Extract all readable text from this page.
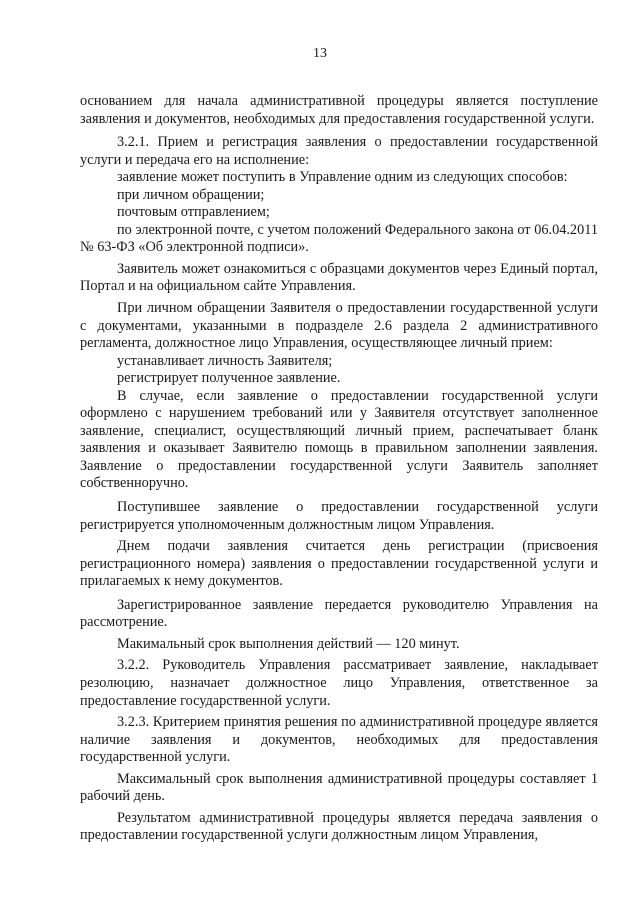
13

основанием для начала административной процедуры является поступление заявления и документов, необходимых для предоставления государственной услуги.

3.2.1. Прием и регистрация заявления о предоставлении государственной услуги и передача его на исполнение:

заявление может поступить в Управление одним из следующих способов:

при личном обращении;

почтовым отправлением;

по электронной почте, с учетом положений Федерального закона от 06.04.2011 № 63-ФЗ «Об электронной подписи».

Заявитель может ознакомиться с образцами документов через Единый портал, Портал и на официальном сайте Управления.

При личном обращении Заявителя о предоставлении государственной услуги с документами, указанными в подразделе 2.6 раздела 2 административного регламента, должностное лицо Управления, осуществляющее личный прием:

устанавливает личность Заявителя;

регистрирует полученное заявление.

В случае, если заявление о предоставлении государственной услуги оформлено с нарушением требований или у Заявителя отсутствует заполненное заявление, специалист, осуществляющий личный прием, распечатывает бланк заявления и оказывает Заявителю помощь в правильном заполнении заявления. Заявление о предоставлении государственной услуги Заявитель заполняет собственноручно.

Поступившее заявление о предоставлении государственной услуги регистрируется уполномоченным должностным лицом Управления.

Днем подачи заявления считается день регистрации (присвоения регистрационного номера) заявления о предоставлении государственной услуги и прилагаемых к нему документов.

Зарегистрированное заявление передается руководителю Управления на рассмотрение.

Макимальный срок выполнения действий — 120 минут.

3.2.2. Руководитель Управления рассматривает заявление, накладывает резолюцию, назначает должностное лицо Управления, ответственное за предоставление государственной услуги.

3.2.3. Критерием принятия решения по административной процедуре является наличие заявления и документов, необходимых для предоставления государственной услуги.

Максимальный срок выполнения административной процедуры составляет 1 рабочий день.

Результатом административной процедуры является передача заявления о предоставлении государственной услуги должностным лицом Управления,
